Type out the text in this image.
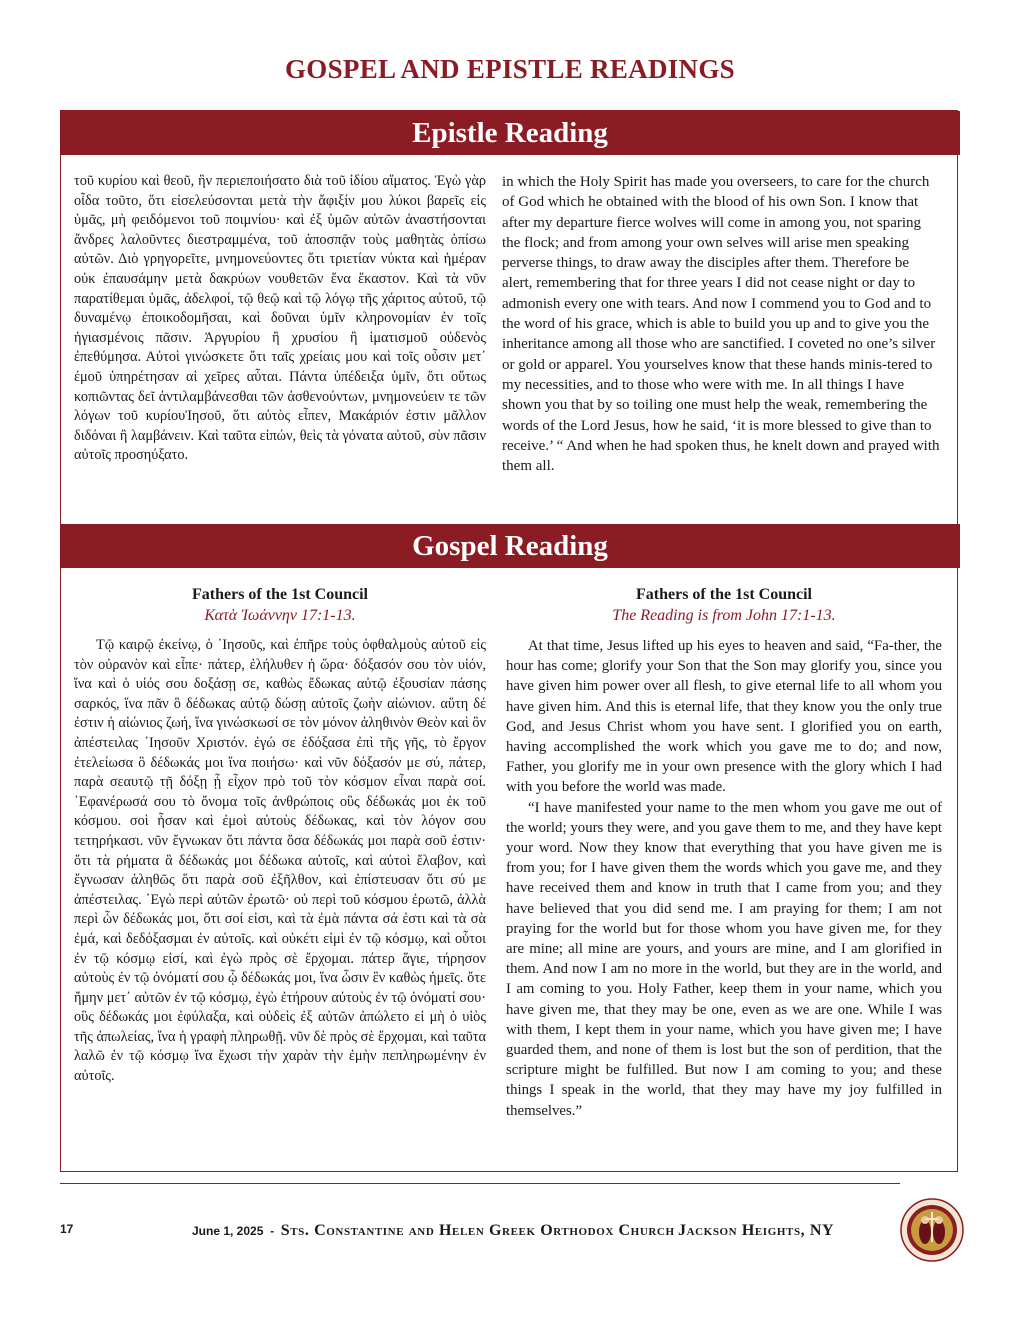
GOSPEL AND EPISTLE READINGS
Epistle Reading

τοῦ κυρίου καὶ θεοῦ, ἣν περιεποιήσατο διὰ τοῦ ἰδίου αἵματος. Ἐγὼ γὰρ οἶδα τοῦτο, ὅτι εἰσελεύσονται μετὰ τὴν ἄφιξίν μου λύκοι βαρεῖς εἰς ὑμᾶς, μὴ φειδόμενοι τοῦ ποιμνίου· καὶ ἐξ ὑμῶν αὐτῶν ἀναστήσονται ἄνδρες λαλοῦντες διεστραμμένα, τοῦ ἀποσπᾷν τοὺς μαθητὰς ὀπίσω αὐτῶν. Διὸ γρηγορεῖτε, μνημονεύοντες ὅτι τριετίαν νύκτα καὶ ἡμέραν οὐκ ἐπαυσάμην μετὰ δακρύων νουθετῶν ἕνα ἕκαστον. Καὶ τὰ νῦν παρατίθεμαι ὑμᾶς, ἀδελφοί, τῷ θεῷ καὶ τῷ λόγῳ τῆς χάριτος αὐτοῦ, τῷ δυναμένῳ ἐποικοδομῆσαι, καὶ δοῦναι ὑμῖν κληρονομίαν ἐν τοῖς ἡγιασμένοις πᾶσιν. Ἀργυρίου ἢ χρυσίου ἢ ἱματισμοῦ οὐδενὸς ἐπεθύμησα. Αὐτοὶ γινώσκετε ὅτι ταῖς χρείαις μου καὶ τοῖς οὖσιν μετ᾽ ἐμοῦ ὑπηρέτησαν αἱ χεῖρες αὗται. Πάντα ὑπέδειξα ὑμῖν, ὅτι οὕτως κοπιῶντας δεῖ ἀντιλαμβάνεσθαι τῶν ἀσθενούντων, μνημονεύειν τε τῶν λόγων τοῦ κυρίουἸησοῦ, ὅτι αὐτὸς εἶπεν, Μακάριόν ἐστιν μᾶλλον διδόναι ἢ λαμβάνειν. Καὶ ταῦτα εἰπών, θεὶς τὰ γόνατα αὐτοῦ, σὺν πᾶσιν αὐτοῖς προσηύξατο.

in which the Holy Spirit has made you overseers, to care for the church of God which he obtained with the blood of his own Son. I know that after my departure fierce wolves will come in among you, not sparing the flock; and from among your own selves will arise men speaking perverse things, to draw away the disciples after them. Therefore be alert, remembering that for three years I did not cease night or day to admonish every one with tears. And now I commend you to God and to the word of his grace, which is able to build you up and to give you the inheritance among all those who are sanctified. I coveted no one’s silver or gold or apparel. You yourselves know that these hands minis-tered to my necessities, and to those who were with me. In all things I have shown you that by so toiling one must help the weak, remembering the words of the Lord Jesus, how he said, ‘it is more blessed to give than to receive.’ “ And when he had spoken thus, he knelt down and prayed with them all.

Gospel Reading

Fathers of the 1st Council

Κατὰ Ἰωάννην 17:1-13.

Τῷ καιρῷ ἐκείνῳ, ὁ ᾿Ιησοῦς, καὶ ἐπῆρε τοὺς ὀφθαλμοὺς αὐτοῦ εἰς τὸν οὐρανὸν καὶ εἶπε· πάτερ, ἐλήλυθεν ἡ ὥρα· δόξασόν σου τὸν υἱόν, ἵνα καὶ ὁ υἱός σου δοξάσῃ σε, καθὼς ἔδωκας αὐτῷ ἐξουσίαν πάσης σαρκός, ἵνα πᾶν ὃ δέδωκας αὐτῷ δώσῃ αὐτοῖς ζωὴν αἰώνιον. αὕτη δέ ἐστιν ἡ αἰώνιος ζωή, ἵνα γινώσκωσί σε τὸν μόνον ἀληθινὸν Θεὸν καὶ ὃν ἀπέστειλας ᾿Ιησοῦν Χριστόν. ἐγώ σε ἐδόξασα ἐπὶ τῆς γῆς, τὸ ἔργον ἐτελείωσα ὃ δέδωκάς μοι ἵνα ποιήσω· καὶ νῦν δόξασόν με σύ, πάτερ, παρὰ σεαυτῷ τῇ δόξῃ ᾗ εἶχον πρὸ τοῦ τὸν κόσμον εἶναι παρὰ σοί. ᾿Εφανέρωσά σου τὸ ὄνομα τοῖς ἀνθρώποις οὓς δέδωκάς μοι ἐκ τοῦ κόσμου. σοὶ ἦσαν καὶ ἐμοὶ αὐτοὺς δέδωκας, καὶ τὸν λόγον σου τετηρήκασι. νῦν ἔγνωκαν ὅτι πάντα ὅσα δέδωκάς μοι παρὰ σοῦ ἐστιν· ὅτι τὰ ρήματα ἃ δέδωκάς μοι δέδωκα αὐτοῖς, καὶ αὐτοὶ ἔλαβον, καὶ ἔγνωσαν ἀληθῶς ὅτι παρὰ σοῦ ἐξῆλθον, καὶ ἐπίστευσαν ὅτι σύ με ἀπέστειλας. ᾿Εγὼ περὶ αὐτῶν ἐρωτῶ· οὐ περὶ τοῦ κόσμου ἐρωτῶ, ἀλλὰ περὶ ὧν δέδωκάς μοι, ὅτι σοί εἰσι, καὶ τὰ ἐμὰ πάντα σά ἐστι καὶ τὰ σὰ ἐμά, καὶ δεδόξασμαι ἐν αὐτοῖς. καὶ οὐκέτι εἰμὶ ἐν τῷ κόσμῳ, καὶ οὗτοι ἐν τῷ κόσμῳ εἰσί, καὶ ἐγὼ πρὸς σὲ ἔρχομαι. πάτερ ἅγιε, τήρησον αὐτοὺς ἐν τῷ ὀνόματί σου ᾧ δέδωκάς μοι, ἵνα ὦσιν ἓν καθὼς ἡμεῖς. ὅτε ἤμην μετ᾿ αὐτῶν ἐν τῷ κόσμῳ, ἐγὼ ἐτήρουν αὐτοὺς ἐν τῷ ὀνόματί σου· οὓς δέδωκάς μοι ἐφύλαξα, καὶ οὐδεὶς ἐξ αὐτῶν ἀπώλετο εἰ μὴ ὁ υἱὸς τῆς ἀπωλείας, ἵνα ἡ γραφὴ πληρωθῇ. νῦν δὲ πρὸς σὲ ἔρχομαι, καὶ ταῦτα λαλῶ ἐν τῷ κόσμῳ ἵνα ἔχωσι τὴν χαρὰν τὴν ἐμὴν πεπληρωμένην ἐν αὐτοῖς.

Fathers of the 1st Council

The Reading is from John 17:1-13.

At that time, Jesus lifted up his eyes to heaven and said, “Fa-ther, the hour has come; glorify your Son that the Son may glorify you, since you have given him power over all flesh, to give eternal life to all whom you have given him. And this is eternal life, that they know you the only true God, and Jesus Christ whom you have sent. I glorified you on earth, having accomplished the work which you gave me to do; and now, Father, you glorify me in your own presence with the glory which I had with you before the world was made.

“I have manifested your name to the men whom you gave me out of the world; yours they were, and you gave them to me, and they have kept your word. Now they know that everything that you have given me is from you; for I have given them the words which you gave me, and they have received them and know in truth that I came from you; and they have believed that you did send me. I am praying for them; I am not praying for the world but for those whom you have given me, for they are mine; all mine are yours, and yours are mine, and I am glorified in them. And now I am no more in the world, but they are in the world, and I am coming to you. Holy Father, keep them in your name, which you have given me, that they may be one, even as we are one. While I was with them, I kept them in your name, which you have given me; I have guarded them, and none of them is lost but the son of perdition, that the scripture might be fulfilled. But now I am coming to you; and these things I speak in the world, that they may have my joy fulfilled in themselves.”

17	June 1, 2025 - Sts. Constantine and Helen Greek Orthodox Church Jackson Heights, NY
